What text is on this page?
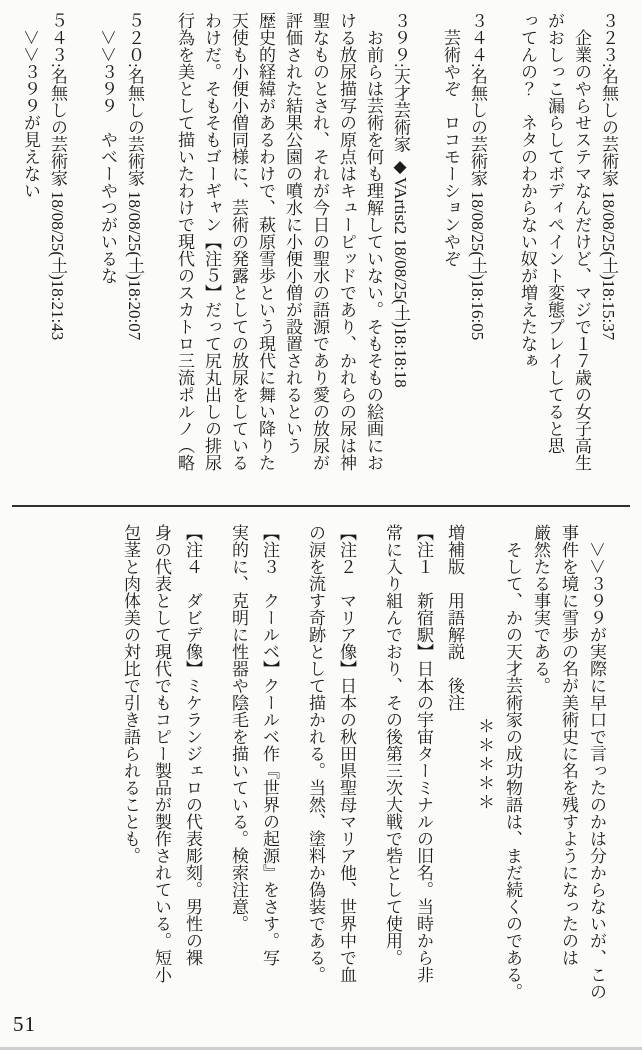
３２３:名無しの芸術家 18/08/25(土)18:15:37

企業のやらせステマなんだけど、マジで１７歳の女子高生
がおしっこ漏らしてボディペイント変態プレイしてると思
ってんの？　ネタのわからない奴が増えたなぁ

３４４:名無しの芸術家 18/08/25(土)18:16:05

芸術やぞ　ロコモーションやぞ

３９９:天才芸術家 ◆VArtist2 18/08/25(土)18:18:18

お前らは芸術を何も理解していない。そもそもの絵画にお
ける放尿描写の原点はキューピッドであり、かれらの尿は神
聖なものとされ、それが今日の聖水の語源であり愛の放尿が
評価された結果公園の噴水に小便小僧が設置されるという
歴史的経緯があるわけで、萩原雪歩という現代に舞い降りた
天使も小便小僧同様に、芸術の発露としての放尿をしている
わけだ。そもそもゴーギャン【注５】だって尻丸出しの排尿
行為を美として描いたわけで現代のスカトロ三流ポルノ（略

５２０:名無しの芸術家 18/08/25(土)18:20:07

＞＞３９９　やべーやつがいるな

５４３:名無しの芸術家 18/08/25(土)18:21:43

＞＞３９９が見えない

＞＞３９９が実際に早口で言ったのかは分からないが、この
事件を境に雪歩の名が美術史に名を残すようになったのは
厳然たる事実である。

そして、かの天才芸術家の成功物語は、まだ続くのである。

＊＊＊＊＊

増補版　用語解説　後注

【注１　新宿駅】日本の宇宙ターミナルの旧名。当時から非
常に入り組んでおり、その後第三次大戦で砦として使用。

【注２　マリア像】日本の秋田県聖母マリア他、世界中で血
の涙を流す奇跡として描かれる。当然、塗料か偽装である。

【注３　クールベ】クールベ作『世界の起源』をさす。写
実的に、克明に性器や陰毛を描いている。検索注意。

【注４　ダビデ像】ミケランジェロの代表彫刻。男性の裸
身の代表として現代でもコピー製品が製作されている。短小
包茎と肉体美の対比で引き語られることも。

51
